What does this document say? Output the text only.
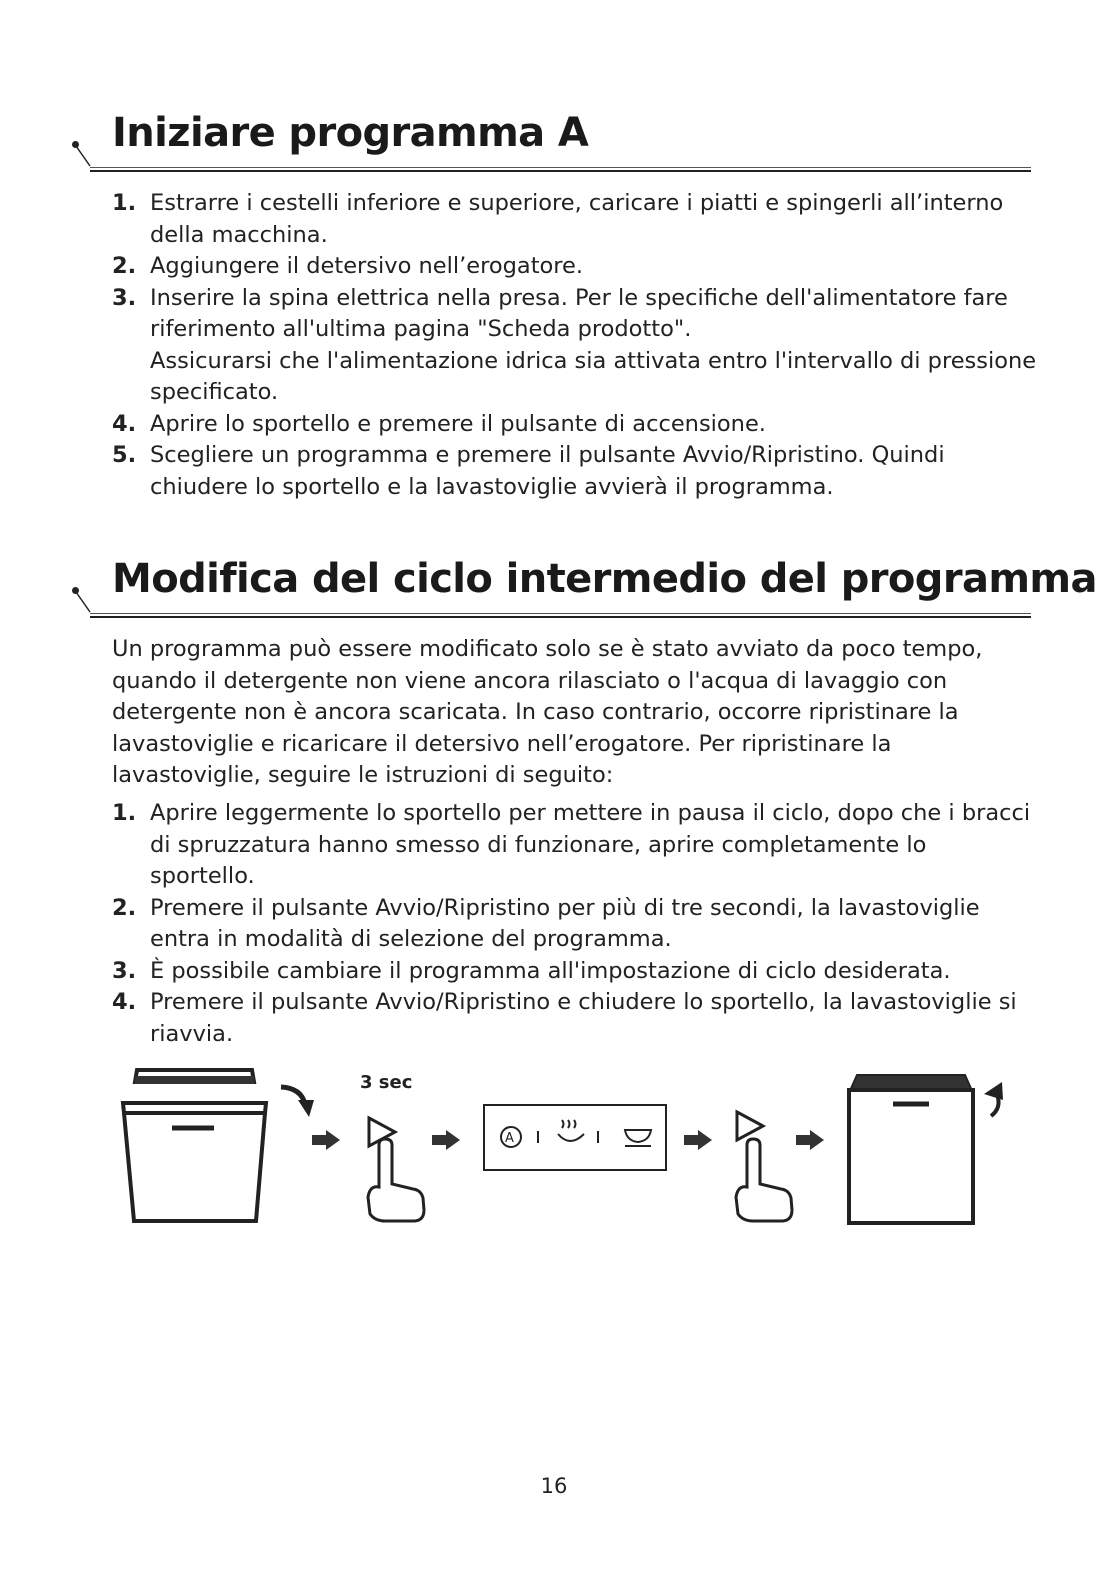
Iniziare programma A
1. Estrarre i cestelli inferiore e superiore, caricare i piatti e spingerli all’interno della macchina.
2. Aggiungere il detersivo nell’erogatore.
3. Inserire la spina elettrica nella presa. Per le specifiche dell'alimentatore fare riferimento all'ultima pagina "Scheda prodotto".
Assicurarsi che l'alimentazione idrica sia attivata entro l'intervallo di pressione specificato.
4. Aprire lo sportello e premere il pulsante di accensione.
5. Scegliere un programma e premere il pulsante Avvio/Ripristino. Quindi chiudere lo sportello e la lavastoviglie avvierà il programma.
Modifica del ciclo intermedio del programma

Un programma può essere modificato solo se è stato avviato da poco tempo, quando il detergente non viene ancora rilasciato o l'acqua di lavaggio con detergente non è ancora scaricata. In caso contrario, occorre ripristinare la lavastoviglie e ricaricare il detersivo nell’erogatore. Per ripristinare la lavastoviglie, seguire le istruzioni di seguito:

1. Aprire leggermente lo sportello per mettere in pausa il ciclo, dopo che i bracci di spruzzatura hanno smesso di funzionare, aprire completamente lo sportello.
2. Premere il pulsante Avvio/Ripristino per più di tre secondi, la lavastoviglie entra in modalità di selezione del programma.
3. È possibile cambiare il programma all'impostazione di ciclo desiderata.
4. Premere il pulsante Avvio/Ripristino e chiudere lo sportello, la lavastoviglie si riavvia.
A
3 sec
16
